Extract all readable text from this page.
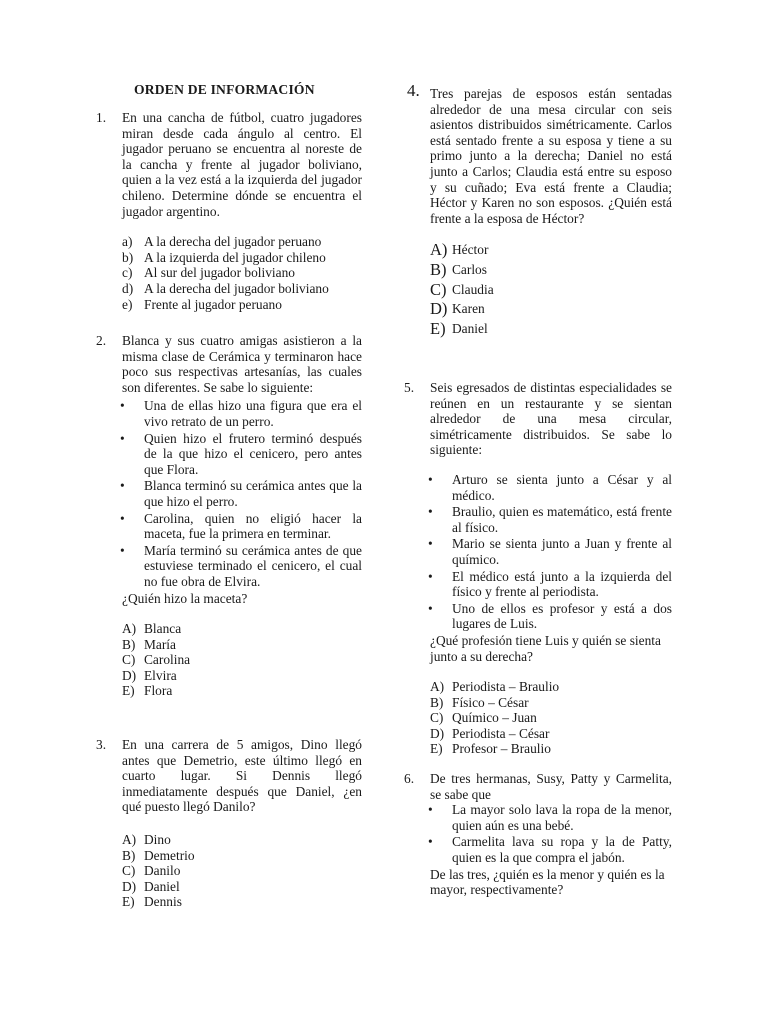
ORDEN DE INFORMACIÓN
1. En una cancha de fútbol, cuatro jugadores miran desde cada ángulo al centro. El jugador peruano se encuentra al noreste de la cancha y frente al jugador boliviano, quien a la vez está a la izquierda del jugador chileno. Determine dónde se encuentra el jugador argentino.

a) A la derecha del jugador peruano
b) A la izquierda del jugador chileno
c) Al sur del jugador boliviano
d) A la derecha del jugador boliviano
e) Frente al jugador peruano
2. Blanca y sus cuatro amigas asistieron a la misma clase de Cerámica y terminaron hace poco sus respectivas artesanías, las cuales son diferentes. Se sabe lo siguiente:

• Una de ellas hizo una figura que era el vivo retrato de un perro.
• Quien hizo el frutero terminó después de la que hizo el cenicero, pero antes que Flora.
• Blanca terminó su cerámica antes que la que hizo el perro.
• Carolina, quien no eligió hacer la maceta, fue la primera en terminar.
• María terminó su cerámica antes de que estuviese terminado el cenicero, el cual no fue obra de Elvira.

¿Quién hizo la maceta?

A) Blanca
B) María
C) Carolina
D) Elvira
E) Flora
3. En una carrera de 5 amigos, Dino llegó antes que Demetrio, este último llegó en cuarto lugar. Si Dennis llegó inmediatamente después que Daniel, ¿en qué puesto llegó Danilo?

A) Dino
B) Demetrio
C) Danilo
D) Daniel
E) Dennis
4. Tres parejas de esposos están sentadas alrededor de una mesa circular con seis asientos distribuidos simétricamente. Carlos está sentado frente a su esposa y tiene a su primo junto a la derecha; Daniel no está junto a Carlos; Claudia está entre su esposo y su cuñado; Eva está frente a Claudia; Héctor y Karen no son esposos. ¿Quién está frente a la esposa de Héctor?

A) Héctor
B) Carlos
C) Claudia
D) Karen
E) Daniel
5. Seis egresados de distintas especialidades se reúnen en un restaurante y se sientan alrededor de una mesa circular, simétricamente distribuidos. Se sabe lo siguiente:

• Arturo se sienta junto a César y al médico.
• Braulio, quien es matemático, está frente al físico.
• Mario se sienta junto a Juan y frente al químico.
• El médico está junto a la izquierda del físico y frente al periodista.
• Uno de ellos es profesor y está a dos lugares de Luis.

¿Qué profesión tiene Luis y quién se sienta junto a su derecha?

A) Periodista – Braulio
B) Físico – César
C) Químico – Juan
D) Periodista – César
E) Profesor – Braulio
6. De tres hermanas, Susy, Patty y Carmelita, se sabe que

• La mayor solo lava la ropa de la menor, quien aún es una bebé.
• Carmelita lava su ropa y la de Patty, quien es la que compra el jabón.

De las tres, ¿quién es la menor y quién es la mayor, respectivamente?
